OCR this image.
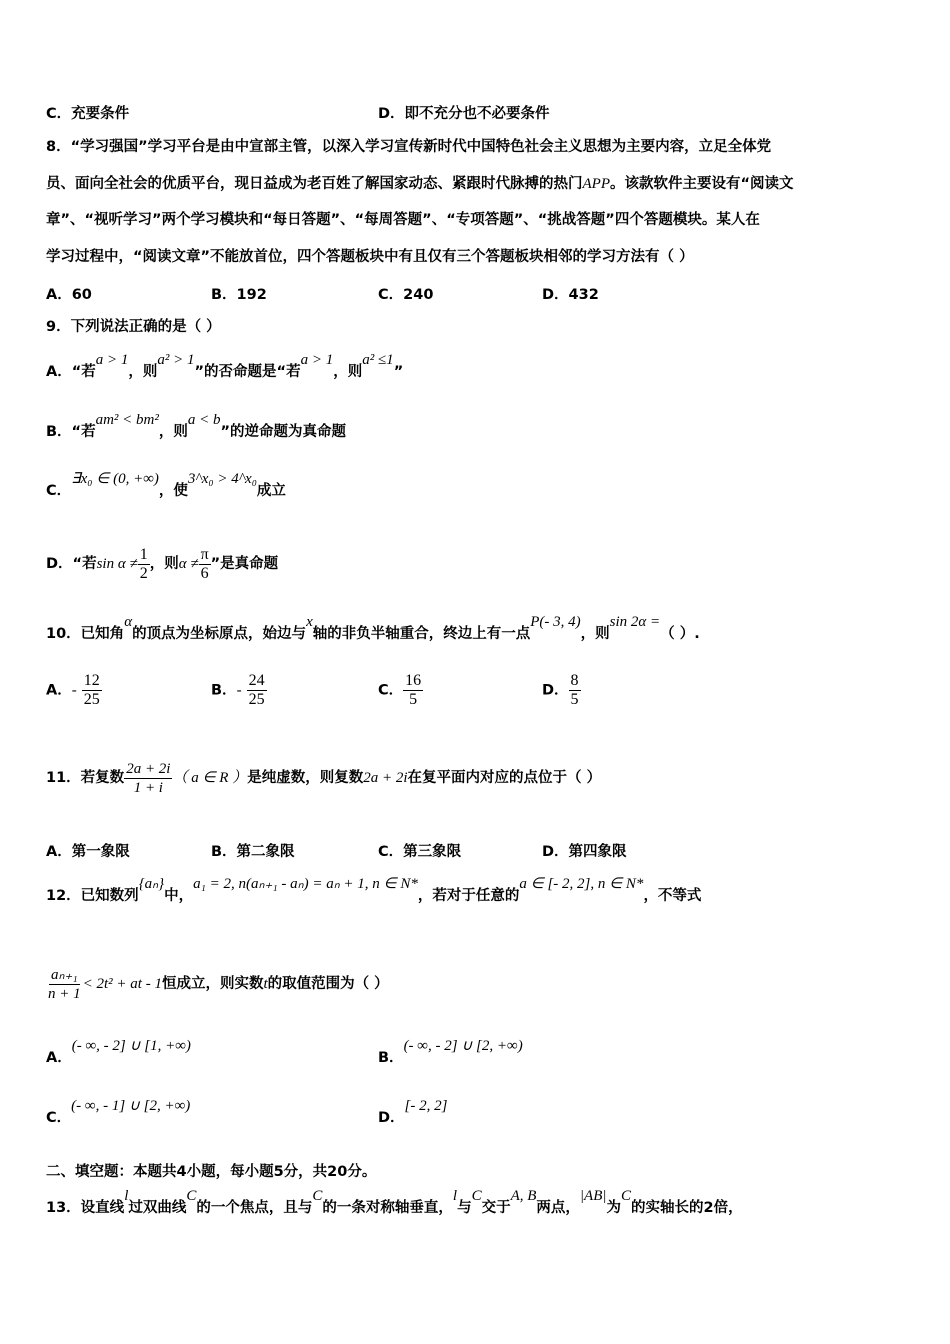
C．充要条件	D．即不充分也不必要条件
8．“学习强国”学习平台是由中宣部主管，以深入学习宣传新时代中国特色社会主义思想为主要内容，立足全体党
员、面向全社会的优质平台，现日益成为老百姓了解国家动态、紧跟时代脉搏的热门APP。该款软件主要设有“阅读文
章”、“视听学习”两个学习模块和“每日答题”、“每周答题”、“专项答题”、“挑战答题”四个答题模块。某人在
学习过程中，“阅读文章”不能放首位，四个答题板块中有且仅有三个答题板块相邻的学习方法有（ ）
A．60	B．192	C．240	D．432
9．下列说法正确的是（ ）
A．“若a > 1，则a² > 1”的否命题是“若a > 1，则a² ≤1”
B．“若am² < bm²，则a < b”的逆命题为真命题
C．∃x₀ ∈ (0, +∞)，使3^x₀ > 4^x₀成立
D．“若$\sin \alpha \ne \frac{1}{2}$ ，则$\alpha \ne \frac{\pi}{6}$ ”是真命题
10．已知角α的顶点为坐标原点，始边与x轴的非负半轴重合，终边上有一点P(- 3, 4)，则sin 2α =（ ）.
A．- $\frac{12}{25}$	B．- $\frac{24}{25}$	C． $\frac{16}{5}$	D． $\frac{8}{5}$
11．若复数 $\frac{2a + 2i}{1 + i}$ （ a ∈ R ）是纯虚数，则复数2a + 2i在复平面内对应的点位于（ ）
A．第一象限	B．第二象限	C．第三象限	D．第四象限
12．已知数列{aₙ}中，a₁ = 2, n(aₙ₊₁ - aₙ) = aₙ + 1, n ∈ N*，若对于任意的a ∈ [- 2, 2], n ∈ N*，不等式
$\frac{\text{aₙ₊₁}}{n + 1} < 2t^2$ + at - 1恒成立，则实数t的取值范围为（ ）
A．(- ∞, - 2] ∪ [1, +∞)
B．(- ∞, - 2] ∪ [2, +∞)
C．(- ∞, - 1] ∪ [2, +∞)
D．[- 2, 2]
二、填空题：本题共4小题，每小题5分，共20分。
13．设直线l过双曲线C的一个焦点，且与C的一条对称轴垂直，l与C交于A, B两点，|AB|为C的实轴长的2倍，
